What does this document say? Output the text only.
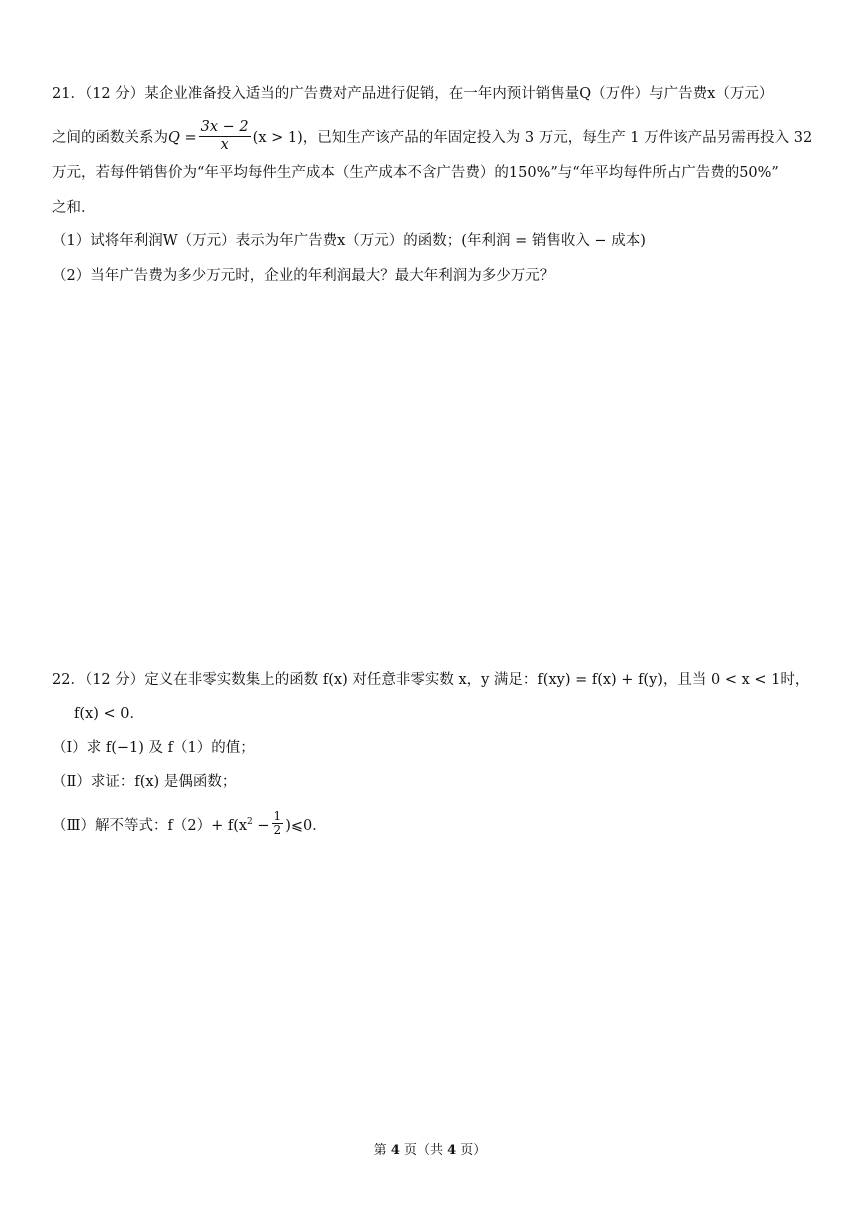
21．（12 分）某企业准备投入适当的广告费对产品进行促销，在一年内预计销售量Q（万件）与广告费x（万元）
之间的函数关系为$Q = \frac{3x - 2}{x} (x > 1)$，已知生产该产品的年固定投入为 3 万元，每生产 1 万件该产品另需再投入 32
万元，若每件销售价为“年平均每件生产成本（生产成本不含广告费）的150%”与“年平均每件所占广告费的50%”
之和．
（1）试将年利润W（万元）表示为年广告费x（万元）的函数；(年利润 = 销售收入 − 成本)
（2）当年广告费为多少万元时，企业的年利润最大？最大年利润为多少万元？
22．（12 分）定义在非零实数集上的函数 f(x) 对任意非零实数 x，y 满足：f(xy) = f(x) + f(y)，且当 0 < x < 1时，
f(x) < 0．
（Ⅰ）求 f(−1) 及 f（1）的值；
（Ⅱ）求证：f(x) 是偶函数；
（Ⅲ）解不等式：$f(2)+ f(x^2 - \frac{1}{2}$ )⩽0．
第 4 页（共 4 页）
